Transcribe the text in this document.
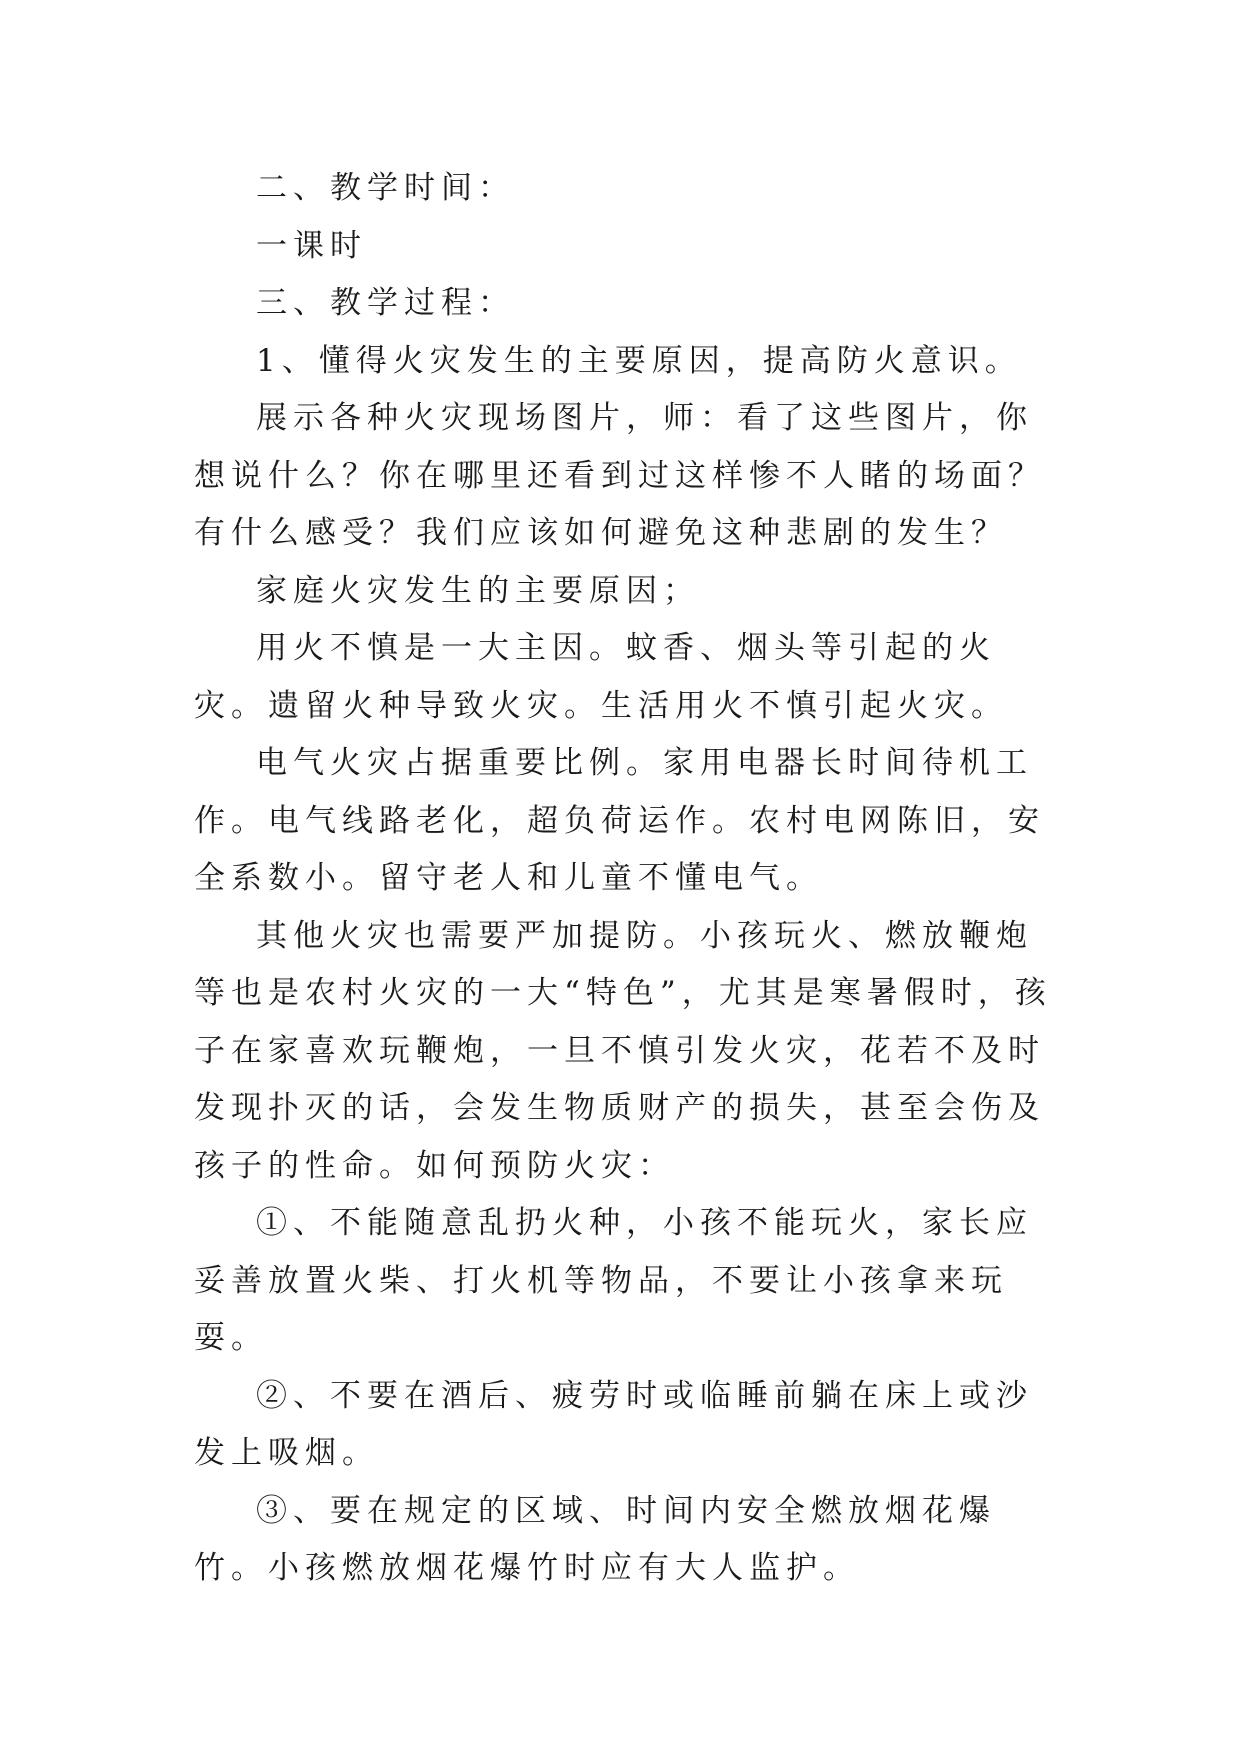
二、教学时间：

一课时

三、教学过程：

1、懂得火灾发生的主要原因，提高防火意识。

展示各种火灾现场图片，师：看了这些图片，你想说什么？你在哪里还看到过这样惨不人睹的场面？有什么感受？我们应该如何避免这种悲剧的发生？

家庭火灾发生的主要原因；

用火不慎是一大主因。蚊香、烟头等引起的火灾。遗留火种导致火灾。生活用火不慎引起火灾。

电气火灾占据重要比例。家用电器长时间待机工作。电气线路老化，超负荷运作。农村电网陈旧，安全系数小。留守老人和儿童不懂电气。

其他火灾也需要严加提防。小孩玩火、燃放鞭炮等也是农村火灾的一大“特色”，尤其是寒暑假时，孩子在家喜欢玩鞭炮，一旦不慎引发火灾，花若不及时发现扑灭的话，会发生物质财产的损失，甚至会伤及孩子的性命。如何预防火灾：

①、不能随意乱扔火种，小孩不能玩火，家长应妥善放置火柴、打火机等物品，不要让小孩拿来玩耍。

②、不要在酒后、疲劳时或临睡前躺在床上或沙发上吸烟。

③、要在规定的区域、时间内安全燃放烟花爆竹。小孩燃放烟花爆竹时应有大人监护。
